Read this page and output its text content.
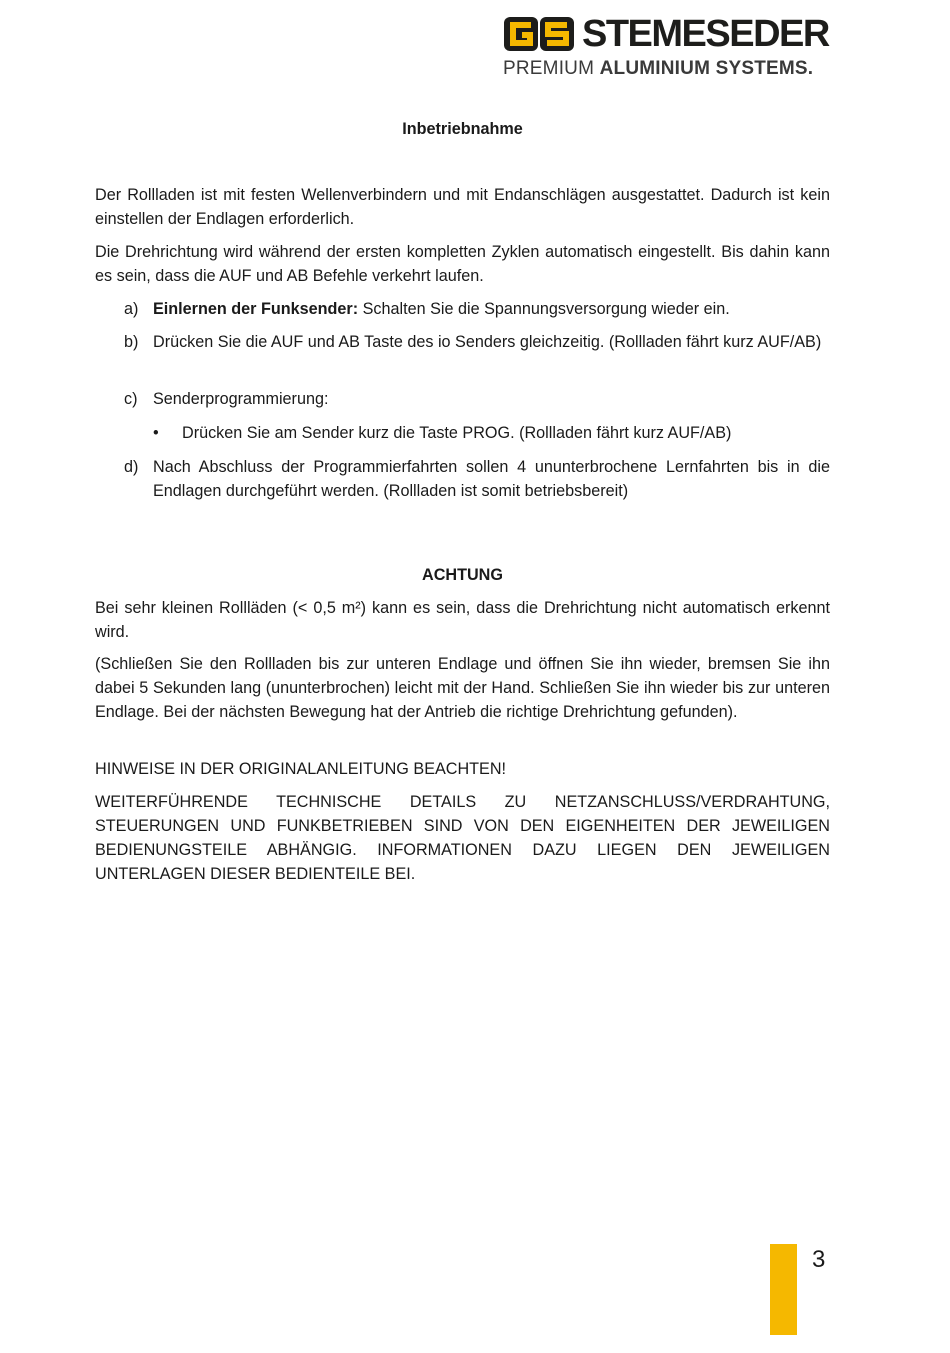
STEMESEDER
PREMIUM ALUMINIUM SYSTEMS.
Inbetriebnahme

Der Rollladen ist mit festen Wellenverbindern und mit Endanschlägen ausgestattet. Dadurch ist kein einstellen der Endlagen erforderlich.

Die Drehrichtung wird während der ersten kompletten Zyklen automatisch eingestellt. Bis dahin kann es sein, dass die AUF und AB Befehle verkehrt laufen.

a) Einlernen der Funksender: Schalten Sie die Spannungsversorgung wieder ein.
b) Drücken Sie die AUF und AB Taste des io Senders gleichzeitig. (Rollladen fährt kurz AUF/AB)
c) Senderprogrammierung:
• Drücken Sie am Sender kurz die Taste PROG. (Rollladen fährt kurz AUF/AB)
d) Nach Abschluss der Programmierfahrten sollen 4 ununterbrochene Lernfahrten bis in die Endlagen durchgeführt werden. (Rollladen ist somit betriebsbereit)
ACHTUNG

Bei sehr kleinen Rollläden (< 0,5 m²) kann es sein, dass die Drehrichtung nicht automatisch erkennt wird.

(Schließen Sie den Rollladen bis zur unteren Endlage und öffnen Sie ihn wieder, bremsen Sie ihn dabei 5 Sekunden lang (ununterbrochen) leicht mit der Hand. Schließen Sie ihn wieder bis zur unteren Endlage. Bei der nächsten Bewegung hat der Antrieb die richtige Drehrichtung gefunden).

HINWEISE IN DER ORIGINALANLEITUNG BEACHTEN!

WEITERFÜHRENDE TECHNISCHE DETAILS ZU NETZANSCHLUSS/VERDRAHTUNG, STEUERUNGEN UND FUNKBETRIEBEN SIND VON DEN EIGENHEITEN DER JEWEILIGEN BEDIENUNGSTEILE ABHÄNGIG. INFORMATIONEN DAZU LIEGEN DEN JEWEILIGEN UNTERLAGEN DIESER BEDIENTEILE BEI.

3
